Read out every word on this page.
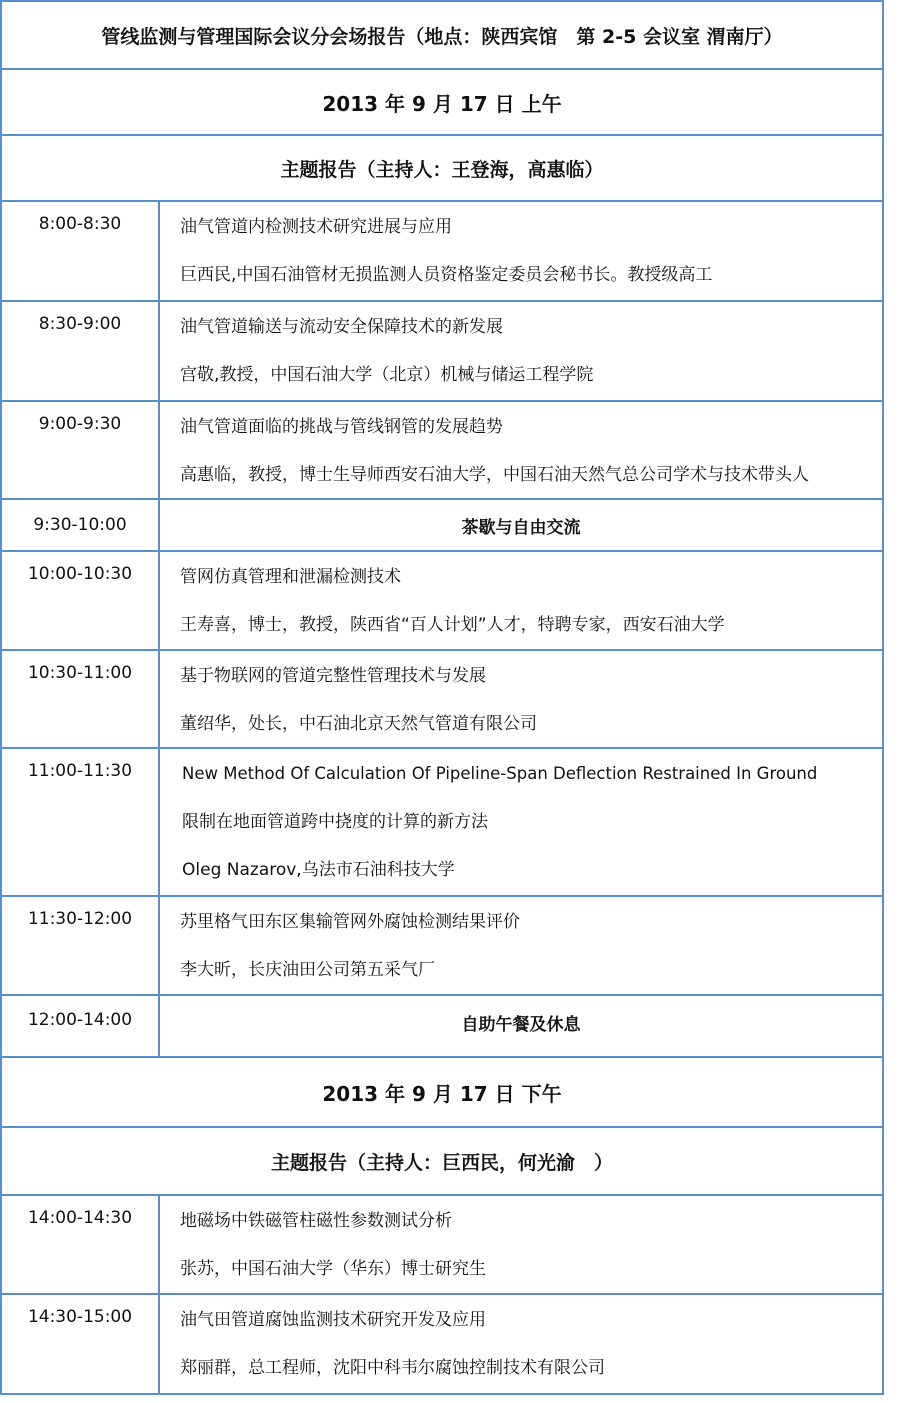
管线监测与管理国际会议分会场报告（地点：陕西宾馆　第 2-5 会议室 渭南厅）
2013 年 9 月 17 日 上午
主题报告（主持人：王登海，高惠临）
8:00-8:30	油气管道内检测技术研究进展与应用
巨西民,中国石油管材无损监测人员资格鉴定委员会秘书长。教授级高工
8:30-9:00	油气管道输送与流动安全保障技术的新发展
宫敬,教授，中国石油大学（北京）机械与储运工程学院
9:00-9:30	油气管道面临的挑战与管线钢管的发展趋势
高惠临，教授，博士生导师西安石油大学，中国石油天然气总公司学术与技术带头人
9:30-10:00	茶歇与自由交流
10:00-10:30	管网仿真管理和泄漏检测技术
王寿喜，博士，教授，陕西省“百人计划”人才，特聘专家，西安石油大学
10:30-11:00	基于物联网的管道完整性管理技术与发展
董绍华，处长，中石油北京天然气管道有限公司
11:00-11:30	New Method Of Calculation Of Pipeline-Span Deflection Restrained In Ground
限制在地面管道跨中挠度的计算的新方法
Oleg Nazarov,乌法市石油科技大学
11:30-12:00	苏里格气田东区集输管网外腐蚀检测结果评价
李大昕，长庆油田公司第五采气厂
12:00-14:00	自助午餐及休息
2013 年 9 月 17 日 下午
主题报告（主持人：巨西民，何光渝　）
14:00-14:30	地磁场中铁磁管柱磁性参数测试分析
张苏，中国石油大学（华东）博士研究生
14:30-15:00	油气田管道腐蚀监测技术研究开发及应用
郑丽群，总工程师，沈阳中科韦尔腐蚀控制技术有限公司
